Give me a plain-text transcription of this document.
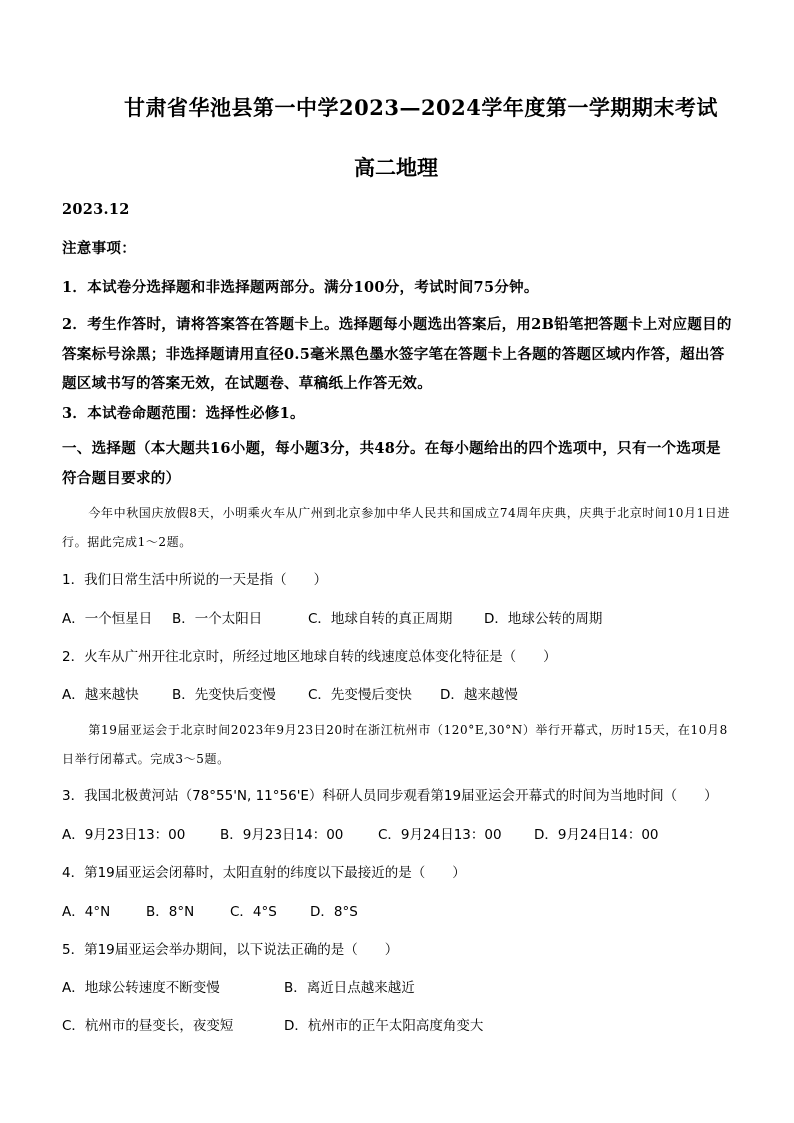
甘肃省华池县第一中学2023—2024学年度第一学期期末考试
高二地理
2023.12
注意事项：
1．本试卷分选择题和非选择题两部分。满分100分，考试时间75分钟。
2．考生作答时，请将答案答在答题卡上。选择题每小题选出答案后，用2B铅笔把答题卡上对应题目的答案标号涂黑；非选择题请用直径0.5毫米黑色墨水签字笔在答题卡上各题的答题区域内作答，超出答题区域书写的答案无效，在试题卷、草稿纸上作答无效。
3．本试卷命题范围：选择性必修1。
一、选择题（本大题共16小题，每小题3分，共48分。在每小题给出的四个选项中，只有一个选项是符合题目要求的）
今年中秋国庆放假8天，小明乘火车从广州到北京参加中华人民共和国成立74周年庆典，庆典于北京时间10月1日进行。据此完成1～2题。
1．我们日常生活中所说的一天是指（　　）
A．一个恒星日 B．一个太阳日	C．地球自转的真正周期 D．地球公转的周期
2．火车从广州开往北京时，所经过地区地球自转的线速度总体变化特征是（　　）
A．越来越快 B．先变快后变慢 C．先变慢后变快 D．越来越慢
第19届亚运会于北京时间2023年9月23日20时在浙江杭州市（120°E,30°N）举行开幕式，历时15天，在10月8日举行闭幕式。完成3～5题。
3．我国北极黄河站（78°55'N, 11°56'E）科研人员同步观看第19届亚运会开幕式的时间为当地时间（　　）
A．9月23日13：00	B．9月23日14：00	C．9月24日13：00 D．9月24日14：00
4．第19届亚运会闭幕时，太阳直射的纬度以下最接近的是（　　）
A．4°N	B．8°N	C．4°S D．8°S
5．第19届亚运会举办期间，以下说法正确的是（　　）
A．地球公转速度不断变慢	B．离近日点越来越近
C．杭州市的昼变长，夜变短	D．杭州市的正午太阳高度角变大
